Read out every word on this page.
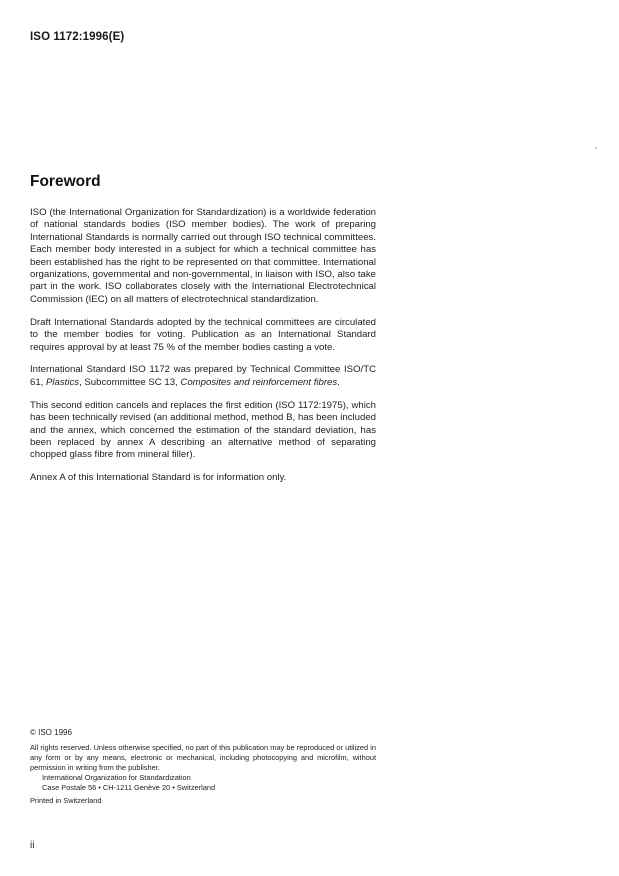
ISO 1172:1996(E)
Foreword

ISO (the International Organization for Standardization) is a worldwide federation of national standards bodies (ISO member bodies). The work of preparing International Standards is normally carried out through ISO technical committees. Each member body interested in a subject for which a technical committee has been established has the right to be represented on that committee. International organizations, governmental and non-governmental, in liaison with ISO, also take part in the work. ISO collaborates closely with the International Electrotechnical Commission (IEC) on all matters of electrotechnical standardization.

Draft International Standards adopted by the technical committees are circulated to the member bodies for voting. Publication as an International Standard requires approval by at least 75 % of the member bodies casting a vote.

International Standard ISO 1172 was prepared by Technical Committee ISO/TC 61, Plastics, Subcommittee SC 13, Composites and reinforcement fibres.

This second edition cancels and replaces the first edition (ISO 1172:1975), which has been technically revised (an additional method, method B, has been included and the annex, which concerned the estimation of the standard deviation, has been replaced by annex A describing an alternative method of separating chopped glass fibre from mineral filler).

Annex A of this International Standard is for information only.

© ISO 1996
All rights reserved. Unless otherwise specified, no part of this publication may be reproduced or utilized in any form or by any means, electronic or mechanical, including photocopying and microfilm, without permission in writing from the publisher.
International Organization for Standardization
Case Postale 56 • CH-1211 Genève 20 • Switzerland
Printed in Switzerland
ii
